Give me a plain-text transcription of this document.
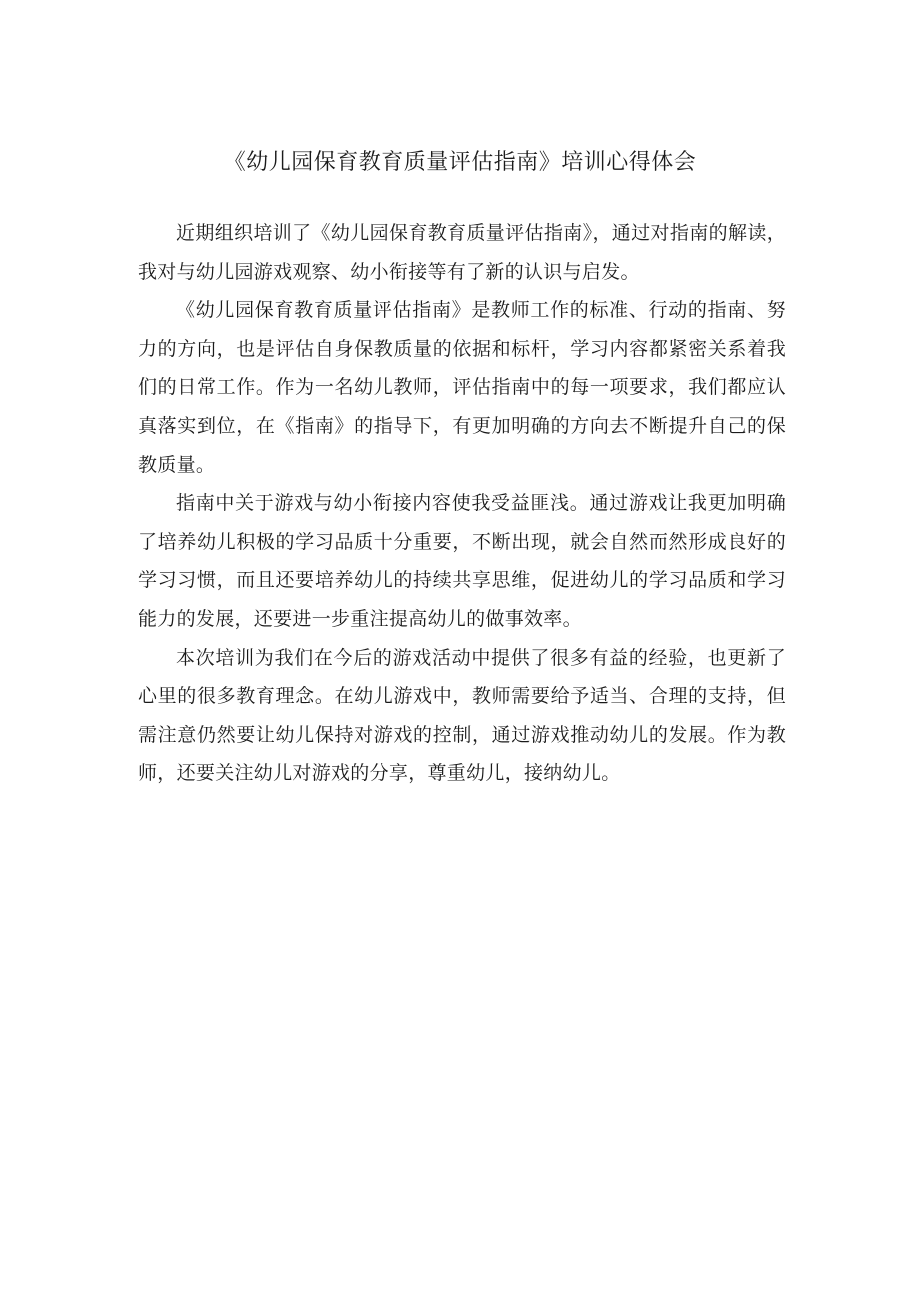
《幼儿园保育教育质量评估指南》培训心得体会

近期组织培训了《幼儿园保育教育质量评估指南》，通过对指南的解读，我对与幼儿园游戏观察、幼小衔接等有了新的认识与启发。

《幼儿园保育教育质量评估指南》是教师工作的标准、行动的指南、努力的方向，也是评估自身保教质量的依据和标杆，学习内容都紧密关系着我们的日常工作。作为一名幼儿教师，评估指南中的每一项要求，我们都应认真落实到位，在《指南》的指导下，有更加明确的方向去不断提升自己的保教质量。

指南中关于游戏与幼小衔接内容使我受益匪浅。通过游戏让我更加明确了培养幼儿积极的学习品质十分重要，不断出现，就会自然而然形成良好的学习习惯，而且还要培养幼儿的持续共享思维，促进幼儿的学习品质和学习能力的发展，还要进一步重注提高幼儿的做事效率。

本次培训为我们在今后的游戏活动中提供了很多有益的经验，也更新了心里的很多教育理念。在幼儿游戏中，教师需要给予适当、合理的支持，但需注意仍然要让幼儿保持对游戏的控制，通过游戏推动幼儿的发展。作为教师，还要关注幼儿对游戏的分享，尊重幼儿，接纳幼儿。
